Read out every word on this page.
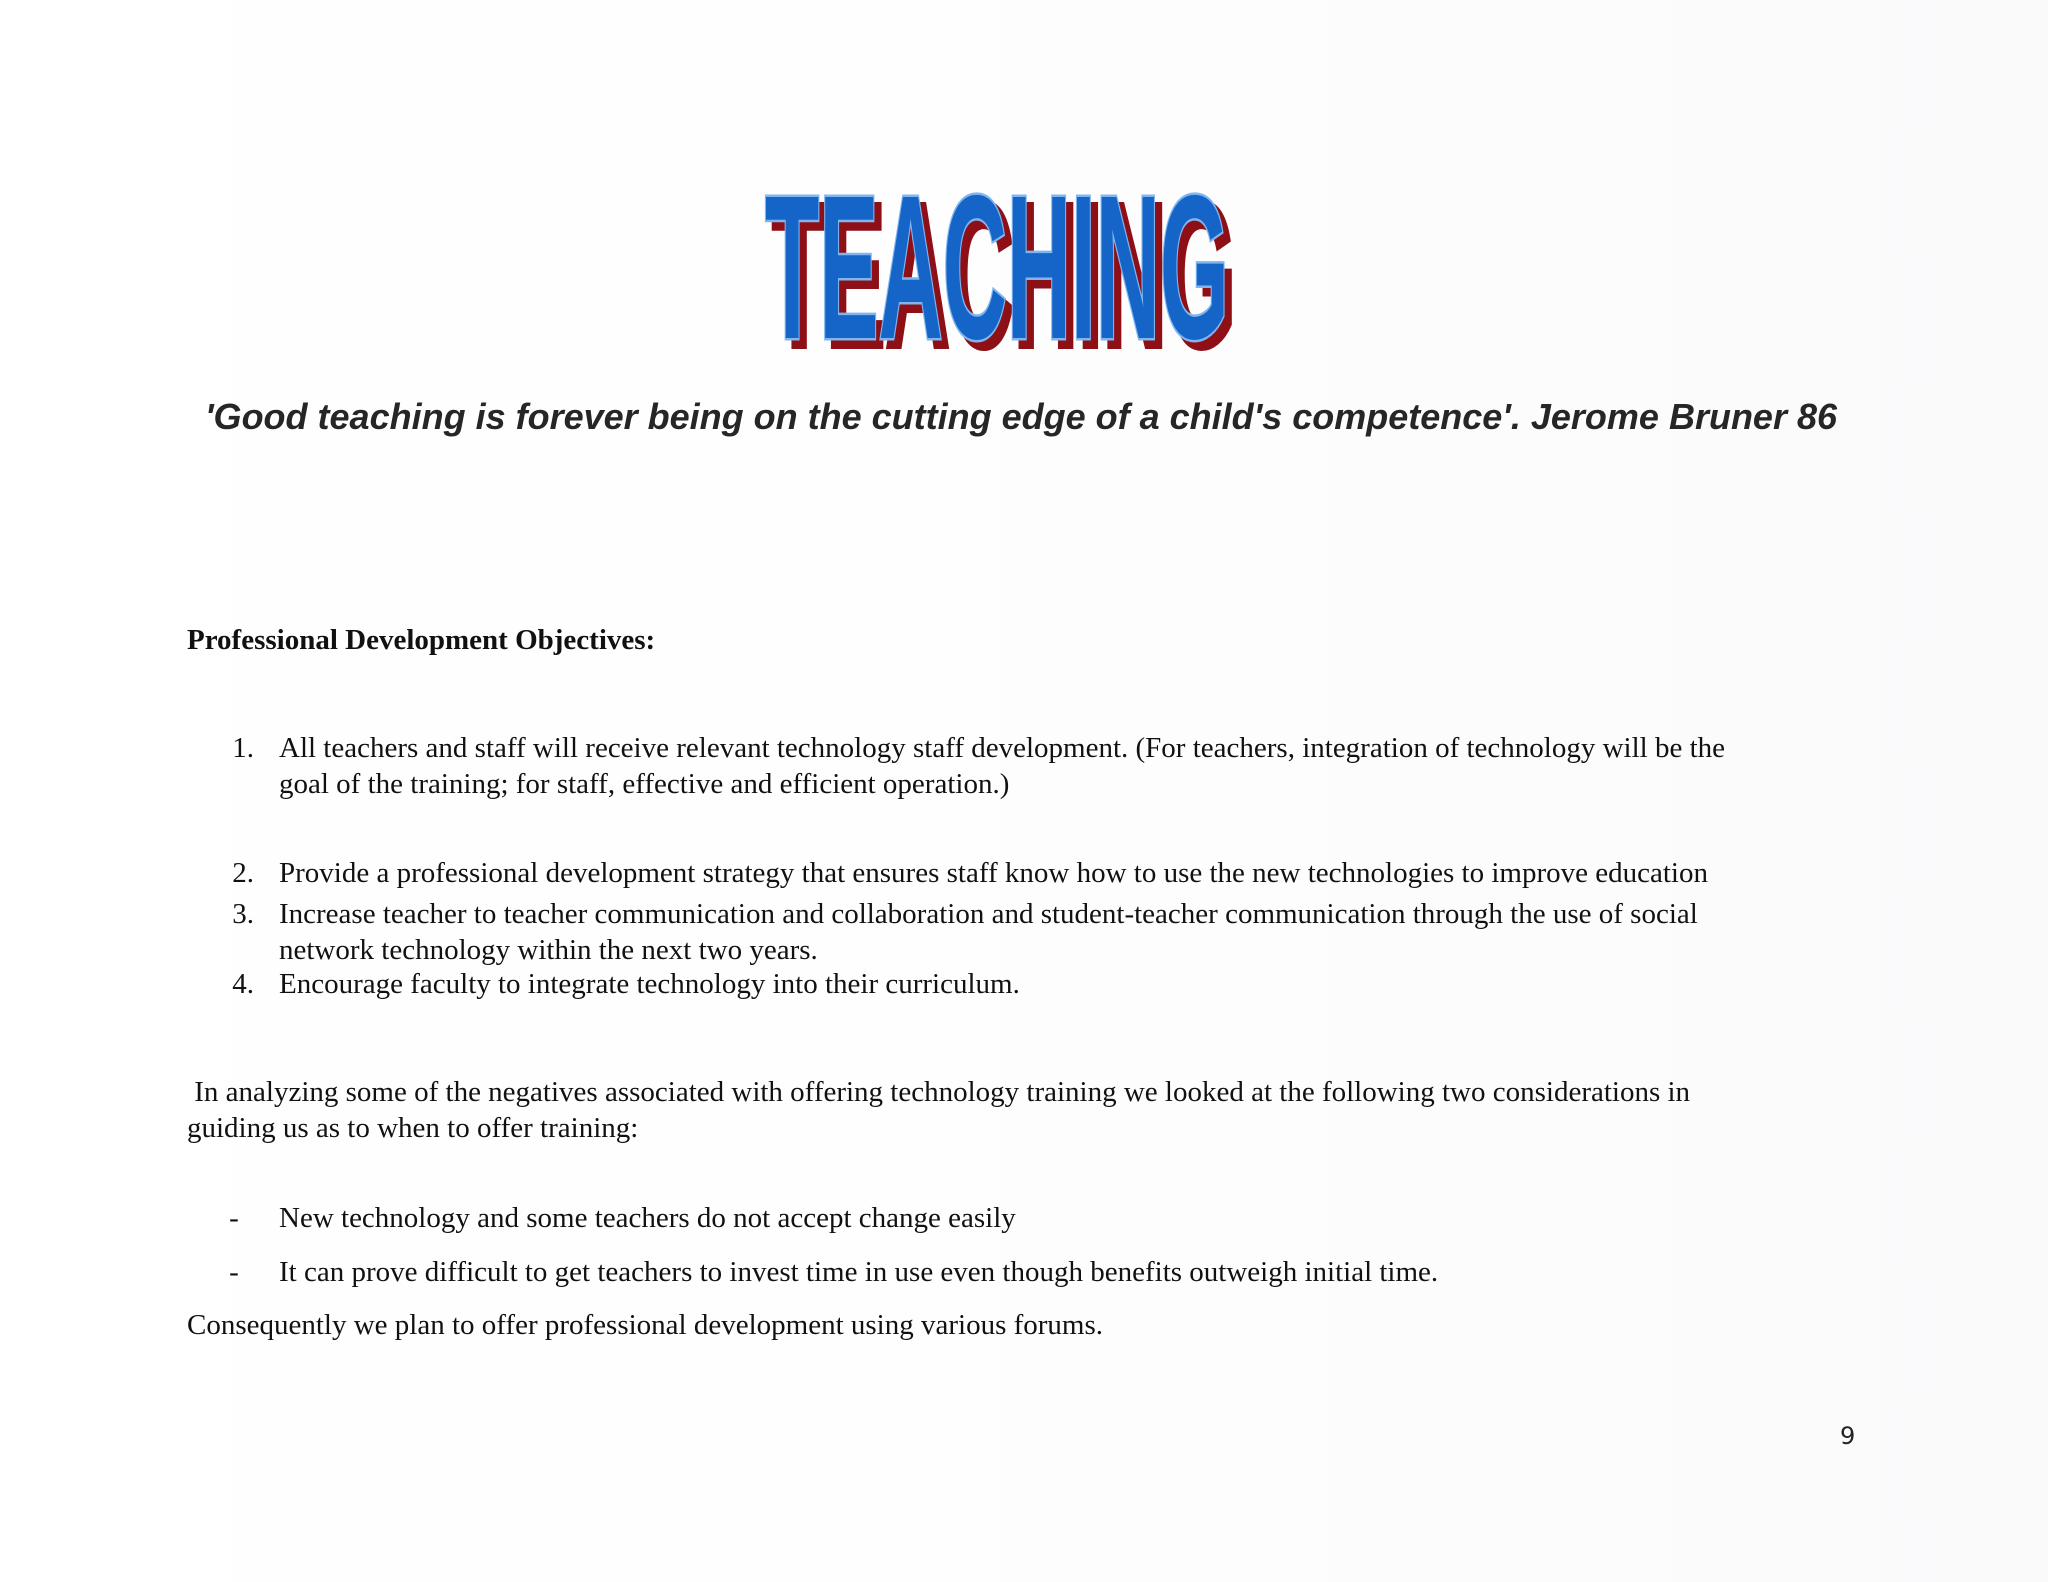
TEACHING
TEACHING
'Good teaching is forever being on the cutting edge of a child's competence'. Jerome Bruner 86
Professional Development Objectives:
1. All teachers and staff will receive relevant technology staff development. (For teachers, integration of technology will be the
goal of the training; for staff, effective and efficient operation.)
2. Provide a professional development strategy that ensures staff know how to use the new technologies to improve education
3. Increase teacher to teacher communication and collaboration and student-teacher communication through the use of social
network technology within the next two years.
4. Encourage faculty to integrate technology into their curriculum.
In analyzing some of the negatives associated with offering technology training we looked at the following two considerations in
guiding us as to when to offer training:
-	New technology and some teachers do not accept change easily
-	It can prove difficult to get teachers to invest time in use even though benefits outweigh initial time.
Consequently we plan to offer professional development using various forums.
9
